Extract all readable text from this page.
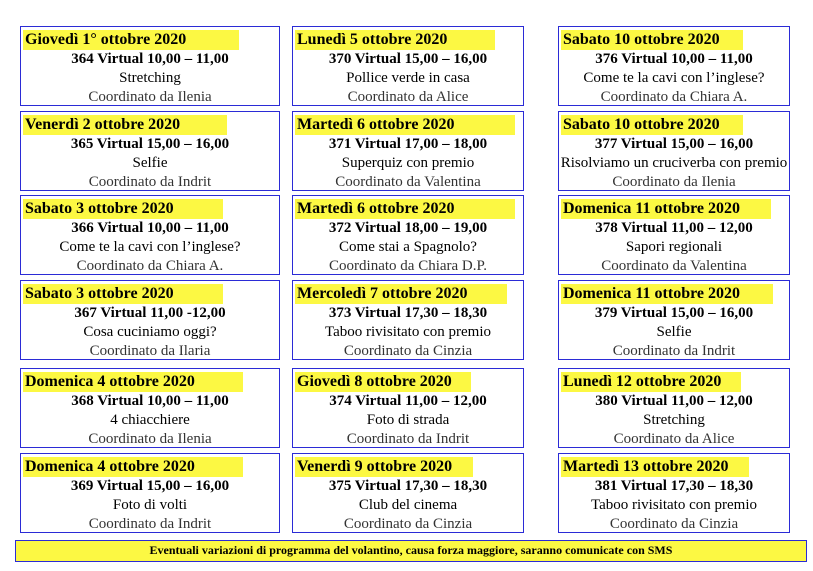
Giovedì 1° ottobre 2020
364 Virtual 10,00 – 11,00
Stretching
Coordinato da Ilenia
Venerdì 2 ottobre 2020
365 Virtual 15,00 – 16,00
Selfie
Coordinato da Indrit
Sabato 3 ottobre 2020
366 Virtual 10,00 – 11,00
Come te la cavi con l’inglese?
Coordinato da Chiara A.
Sabato 3 ottobre 2020
367 Virtual 11,00 -12,00
Cosa cuciniamo oggi?
Coordinato da Ilaria
Domenica 4 ottobre 2020
368 Virtual 10,00 – 11,00
4 chiacchiere
Coordinato da Ilenia
Domenica 4 ottobre 2020
369 Virtual 15,00 – 16,00
Foto di volti
Coordinato da Indrit
Lunedì 5 ottobre 2020
370 Virtual 15,00 – 16,00
Pollice verde in casa
Coordinato da Alice
Martedì 6 ottobre 2020
371 Virtual 17,00 – 18,00
Superquiz con premio
Coordinato da Valentina
Martedì 6 ottobre 2020
372 Virtual 18,00 – 19,00
Come stai a Spagnolo?
Coordinato da Chiara D.P.
Mercoledì 7 ottobre 2020
373 Virtual 17,30 – 18,30
Taboo rivisitato con premio
Coordinato da Cinzia
Giovedì 8 ottobre 2020
374 Virtual 11,00 – 12,00
Foto di strada
Coordinato da Indrit
Venerdì 9 ottobre 2020
375 Virtual 17,30 – 18,30
Club del cinema
Coordinato da Cinzia
Sabato 10 ottobre 2020
376 Virtual 10,00 – 11,00
Come te la cavi con l’inglese?
Coordinato da Chiara A.
Sabato 10 ottobre 2020
377 Virtual 15,00 – 16,00
Risolviamo un cruciverba con premio
Coordinato da Ilenia
Domenica 11 ottobre 2020
378 Virtual 11,00 – 12,00
Sapori regionali
Coordinato da Valentina
Domenica 11 ottobre 2020
379 Virtual 15,00 – 16,00
Selfie
Coordinato da Indrit
Lunedì 12 ottobre 2020
380 Virtual 11,00 – 12,00
Stretching
Coordinato da Alice
Martedì 13 ottobre 2020
381 Virtual 17,30 – 18,30
Taboo rivisitato con premio
Coordinato da Cinzia
Eventuali variazioni di programma del volantino, causa forza maggiore, saranno comunicate con SMS
